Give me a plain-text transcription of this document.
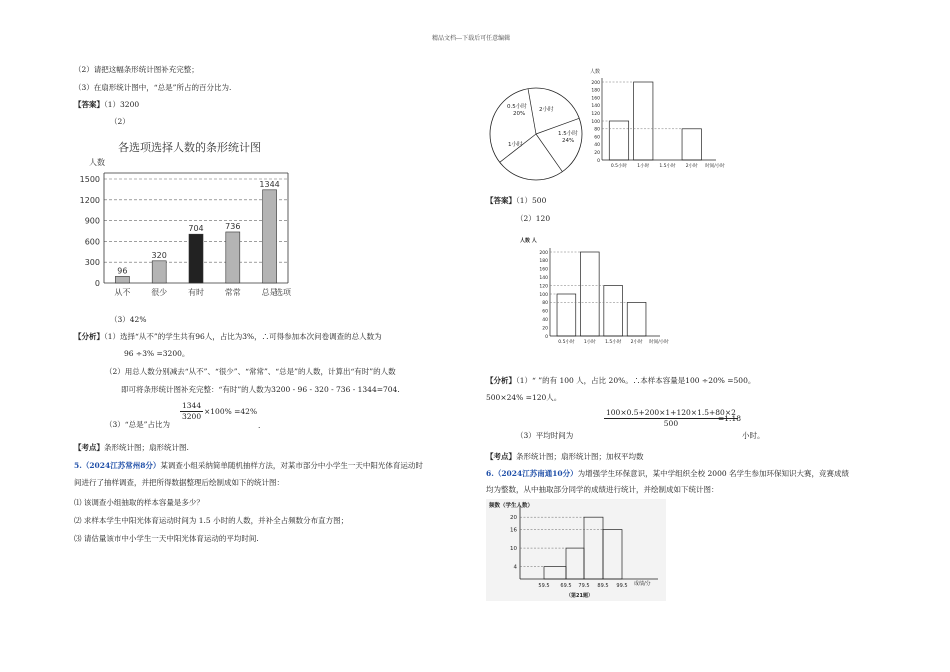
精品文档---下载后可任意编辑
（2）请把这幅条形统计图补充完整；
（3）在扇形统计图中，“总是”所占的百分比为.
【答案】（1）3200
（2）
各选项选择人数的条形统计图
人数
0
300
600
900
1200
1500
96
从不
320
很少
704
有时
736
常常
1344
总是
选项
（3）42%
【分析】（1）选择“从不”的学生共有96人，占比为3%，∴可得参加本次问卷调查的总人数为
96 ÷3% =3200。
（2）用总人数分别减去“从不”、“很少”、“常常”、“总是”的人数，计算出“有时”的人数
即可将条形统计图补充完整：“有时”的人数为3200 - 96 - 320 - 736 - 1344=704.
（3）“总是”占比为
$\frac{1344}{3200} \times 100\% =42\%$
.
【考点】条形统计图；扇形统计图.
5.（2024江苏常州8分）某调查小组采纳简单随机抽样方法，对某市部分中小学生一天中阳光体育运动时
间进行了抽样调查，并把所得数据整理后绘制成如下的统计图：
⑴ 该调查小组抽取的样本容量是多少？
⑵ 求样本学生中阳光体育运动时间为 1.5 小时的人数，并补全占频数分布直方图；
⑶ 请估量该市中小学生一天中阳光体育运动的平均时间.
0.5小时
20%
2小时
1.5小时
24%
1小时
人数
0
20
40
60
80
100
120
140
160
180
200
0.5小时 1小时 1.5小时 2小时 时间/小时
【答案】（1）500
（2）120
人数 人
0
20
40
60
80
100
120
140
160
180
200
0.5小时 1小时 1.5小时 2小时 时间/小时
【分析】（1）“ ”的有 100 人，占比 20%。∴本样本容量是100 ÷20% =500。
500×24% =120人。
$\frac{100\times 0.5+200\times 1+120\times 1.5+80\times 2}{500}$
=1.18
（3）平均时间为	小时。
【考点】条形统计图；扇形统计图；加权平均数
6.（2024江苏南通10分）为增强学生环保意识，某中学组织全校 2000 名学生参加环保知识大赛，竞赛成绩
均为整数，从中抽取部分同学的成绩进行统计，并绘制成如下统计图：
频数（学生人数）
4
10
16
20
59.5 69.5 79.5 89.5 99.5 成绩/分
（第21题）
